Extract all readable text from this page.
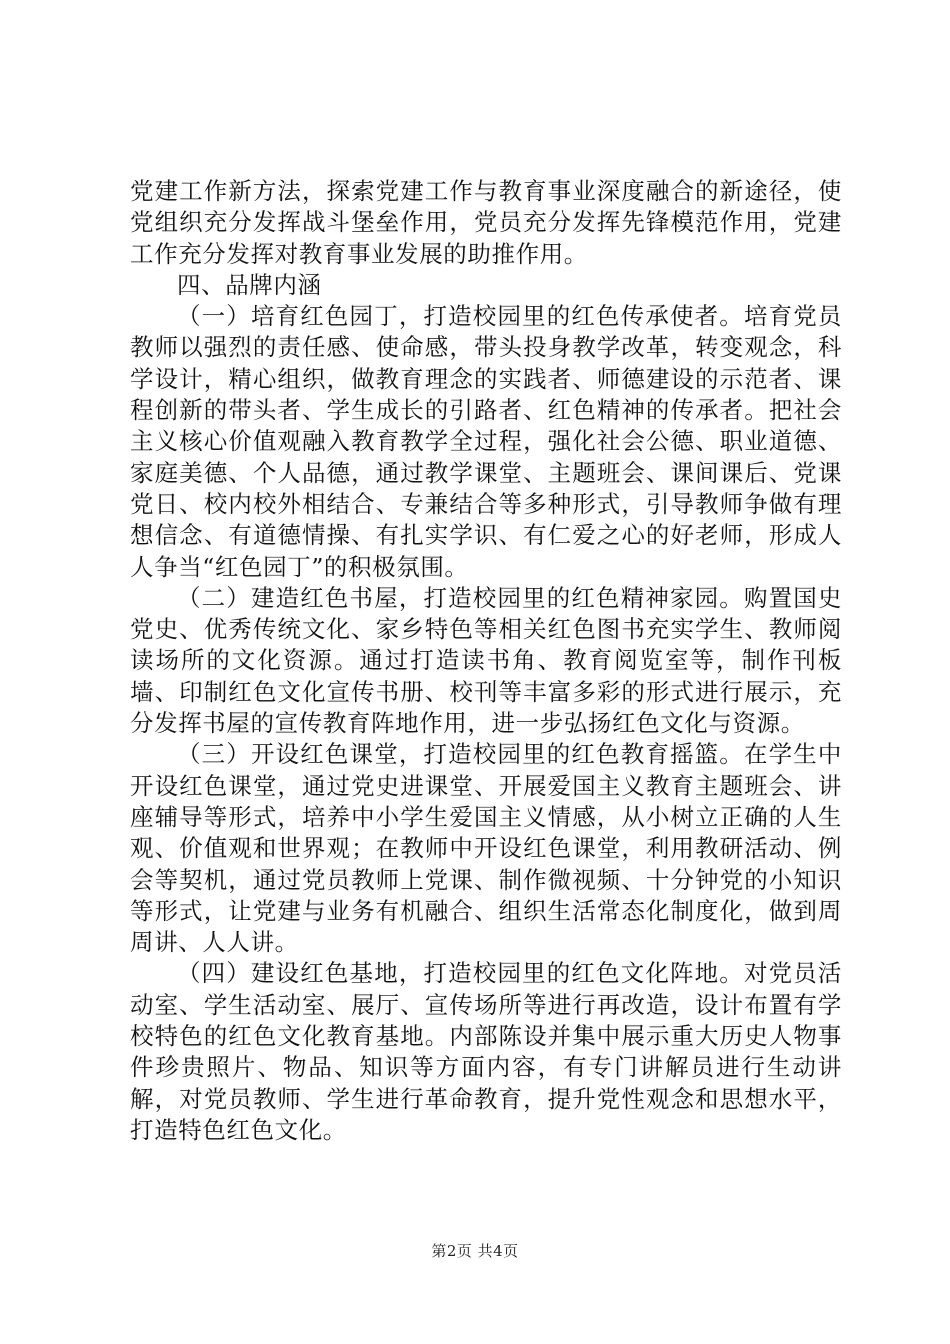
党建工作新方法，探索党建工作与教育事业深度融合的新途径，使党组织充分发挥战斗堡垒作用，党员充分发挥先锋模范作用，党建工作充分发挥对教育事业发展的助推作用。

四、品牌内涵

（一）培育红色园丁，打造校园里的红色传承使者。培育党员教师以强烈的责任感、使命感，带头投身教学改革，转变观念，科学设计，精心组织，做教育理念的实践者、师德建设的示范者、课程创新的带头者、学生成长的引路者、红色精神的传承者。把社会主义核心价值观融入教育教学全过程，强化社会公德、职业道德、家庭美德、个人品德，通过教学课堂、主题班会、课间课后、党课党日、校内校外相结合、专兼结合等多种形式，引导教师争做有理想信念、有道德情操、有扎实学识、有仁爱之心的好老师，形成人人争当“红色园丁”的积极氛围。

（二）建造红色书屋，打造校园里的红色精神家园。购置国史党史、优秀传统文化、家乡特色等相关红色图书充实学生、教师阅读场所的文化资源。通过打造读书角、教育阅览室等，制作刊板墙、印制红色文化宣传书册、校刊等丰富多彩的形式进行展示，充分发挥书屋的宣传教育阵地作用，进一步弘扬红色文化与资源。

（三）开设红色课堂，打造校园里的红色教育摇篮。在学生中开设红色课堂，通过党史进课堂、开展爱国主义教育主题班会、讲座辅导等形式，培养中小学生爱国主义情感，从小树立正确的人生观、价值观和世界观；在教师中开设红色课堂，利用教研活动、例会等契机，通过党员教师上党课、制作微视频、十分钟党的小知识等形式，让党建与业务有机融合、组织生活常态化制度化，做到周周讲、人人讲。

（四）建设红色基地，打造校园里的红色文化阵地。对党员活动室、学生活动室、展厅、宣传场所等进行再改造，设计布置有学校特色的红色文化教育基地。内部陈设并集中展示重大历史人物事件珍贵照片、物品、知识等方面内容，有专门讲解员进行生动讲解，对党员教师、学生进行革命教育，提升党性观念和思想水平，打造特色红色文化。

第2页 共4页
